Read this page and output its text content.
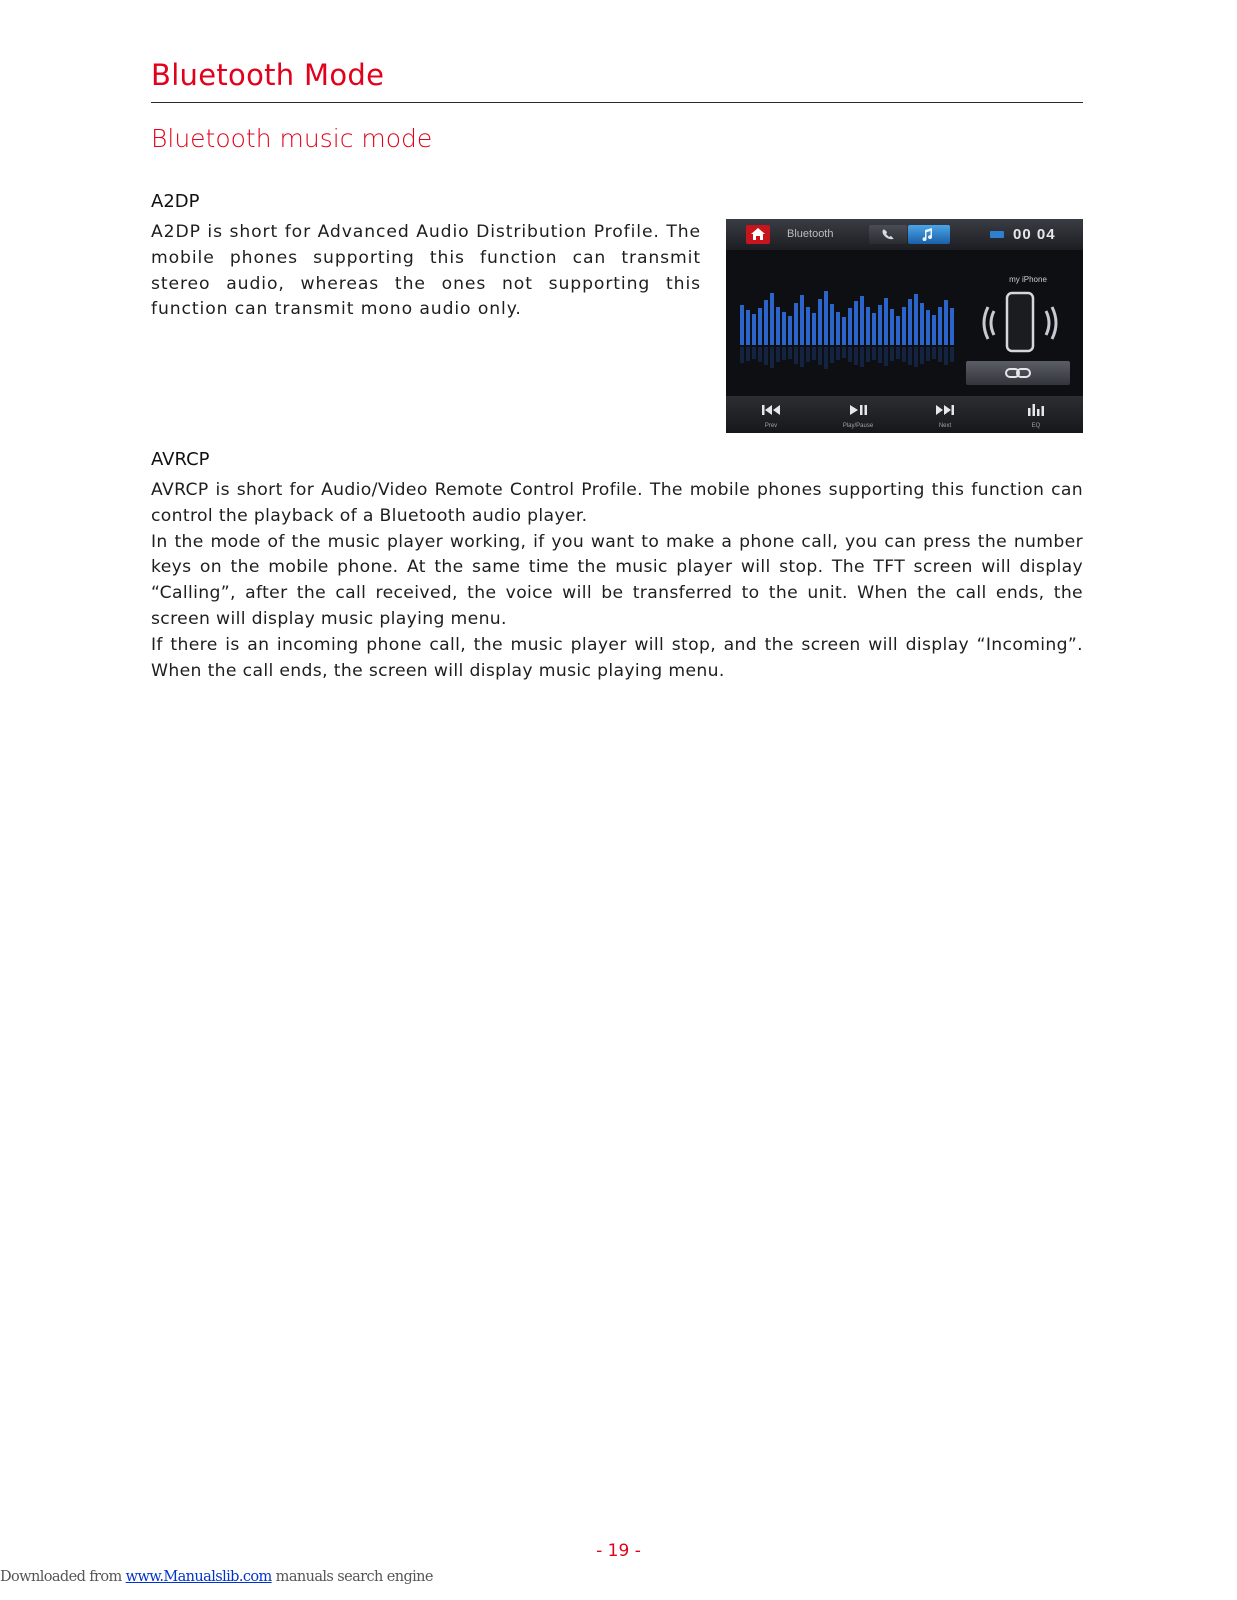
Bluetooth Mode
Bluetooth music mode
A2DP

A2DP is short for Advanced Audio Distribution Profile. The mobile phones supporting this function can transmit stereo audio, whereas the ones not supporting this function can transmit mono audio only.

Bluetooth	00 04
my iPhone
Prev	Play/Pause	Next	EQ
AVRCP

AVRCP is short for Audio/Video Remote Control Profile. The mobile phones supporting this function can control the playback of a Bluetooth audio player.

In the mode of the music player working, if you want to make a phone call, you can press the number keys on the mobile phone. At the same time the music player will stop. The TFT screen will display “Calling”, after the call received, the voice will be transferred to the unit. When the call ends, the screen will display music playing menu.

If there is an incoming phone call, the music player will stop, and the screen will display “Incoming”. When the call ends, the screen will display music playing menu.

- 19 -
Downloaded from www.Manualslib.com manuals search engine
